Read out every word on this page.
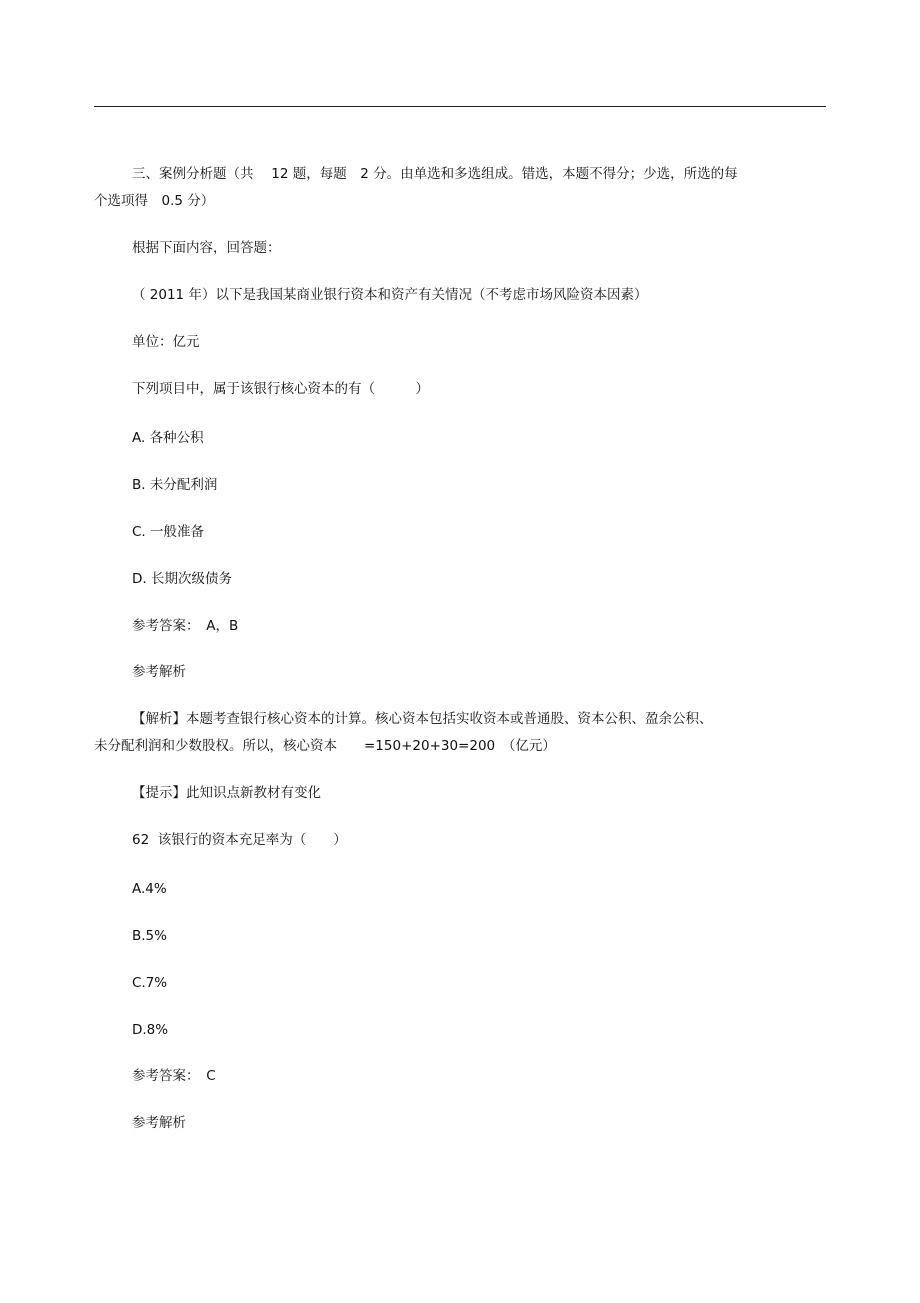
三、案例分析题（共　 12 题，每题　2 分。由单选和多选组成。错选，本题不得分；少选，所选的每
个选项得　0.5 分）
根据下面内容，回答题：
（ 2011 年）以下是我国某商业银行资本和资产有关情况（不考虑市场风险资本因素）
单位：亿元
下列项目中，属于该银行核心资本的有（　　　）
A. 各种公积
B. 未分配利润
C. 一般准备
D. 长期次级债务
参考答案：　A，B
参考解析
【解析】本题考查银行核心资本的计算。核心资本包括实收资本或普通股、资本公积、盈余公积、
未分配利润和少数股权。所以，核心资本　　=150+20+30=200　（亿元）
【提示】此知识点新教材有变化
62  该银行的资本充足率为（　　）
A.4%
B.5%
C.7%
D.8%
参考答案：　C
参考解析
